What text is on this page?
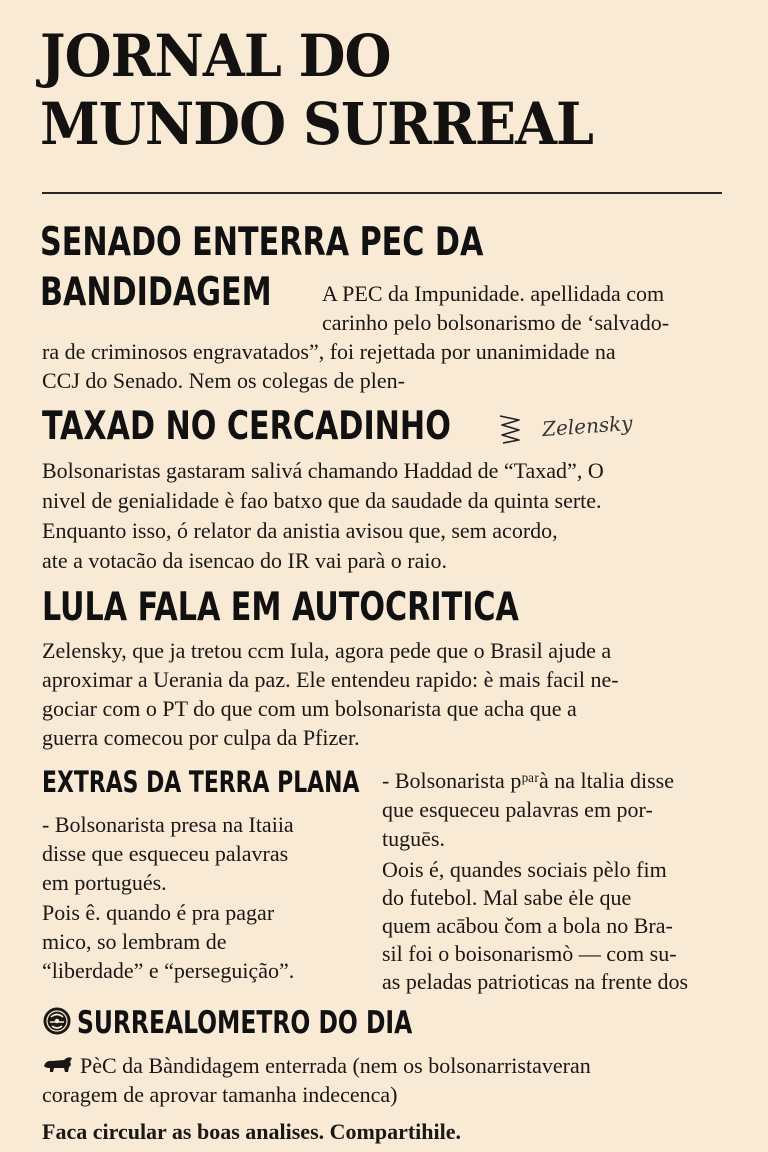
JORNAL DO
MUNDO SURREAL
SENADO ENTERRA PEC DA
BANDIDAGEM A PEC da Impunidade. apellidada com
carinho pelo bolsonarismo de ‘salvado-
ra de criminosos engravatados”, foi rejettada por unanimidade na
CCJ do Senado. Nem os colegas de plen-
TAXAD NO CERCADINHO	Zelensky
Bolsonaristas gastaram salivá chamando Haddad de “Taxad”, O
nivel de genialidade è fao batxo que da saudade da quinta serte.
Enquanto isso, ó relator da anistia avisou que, sem acordo,
ate a votacão da isencao do IR vai parà o raio.
LULA FALA EM AUTOCRITICA
Zelensky, que ja tretou ccm Iula, agora pede que o Brasil ajude a
aproximar a Uerania da paz. Ele entendeu rapido: è mais facil ne-
gociar com o PT do que com um bolsonarista que acha que a
guerra comecou por culpa da Pfizer.
EXTRAS DA TERRA PLANA
- Bolsonarista presa na Itaiia
disse que esqueceu palavras
em portugués.
Pois ê. quando é pra pagar
mico, so lembram de
“liberdade” e “perseguição”.
- Bolsonarista pᵖᵃʳà na ltalia disse
que esqueceu palavras em por-
tuguēs.
Oois é, quandes sociais pèlo fim
do futebol. Mal sabe ėle que
quem acābou čom a bola no Bra-
sil foi o boisonarismò — com su-
as peladas patrioticas na frente dos
SURREALOMETRO DO DIA
PèC da Bàndidagem enterrada (nem os bolsonarristaveran
coragem de aprovar tamanha indecenca)
Faca circular as boas analises. Compartihile.
